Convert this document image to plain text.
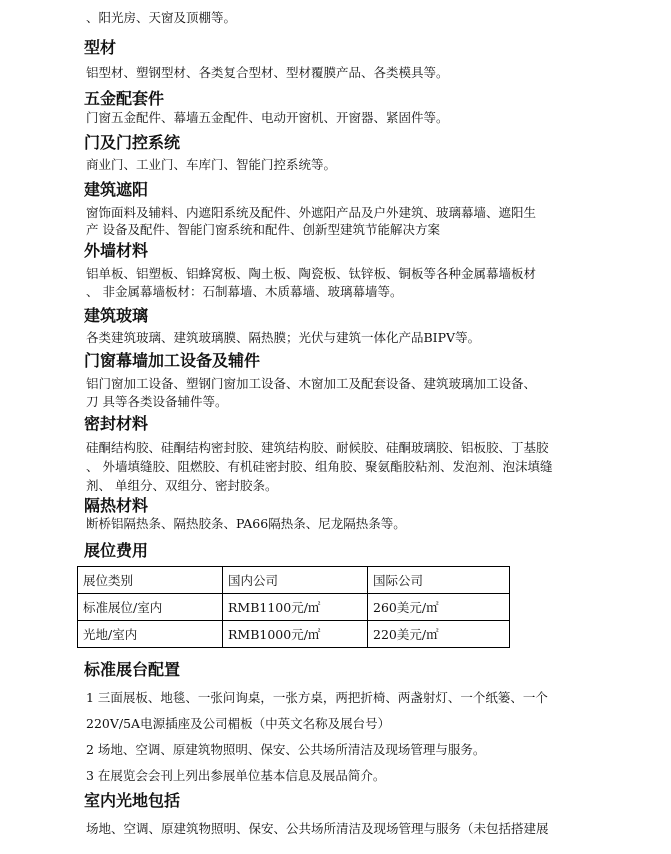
、阳光房、天窗及顶棚等。
型材
铝型材、塑钢型材、各类复合型材、型材覆膜产品、各类模具等。
五金配套件
门窗五金配件、幕墙五金配件、电动开窗机、开窗器、紧固件等。
门及门控系统
商业门、工业门、车库门、智能门控系统等。
建筑遮阳
窗饰面料及辅料、内遮阳系统及配件、外遮阳产品及户外建筑、玻璃幕墙、遮阳生
产 设备及配件、智能门窗系统和配件、创新型建筑节能解决方案
外墙材料
铝单板、铝塑板、铝蜂窝板、陶土板、陶瓷板、钛锌板、铜板等各种金属幕墙板材
、 非金属幕墙板材：石制幕墙、木质幕墙、玻璃幕墙等。
建筑玻璃
各类建筑玻璃、建筑玻璃膜、隔热膜；光伏与建筑一体化产品BIPV等。
门窗幕墙加工设备及辅件
铝门窗加工设备、塑钢门窗加工设备、木窗加工及配套设备、建筑玻璃加工设备、
刀 具等各类设备辅件等。
密封材料
硅酮结构胶、硅酮结构密封胶、建筑结构胶、耐候胶、硅酮玻璃胶、铝板胶、丁基胶
、 外墙填缝胶、阻燃胶、有机硅密封胶、组角胶、聚氨酯胶粘剂、发泡剂、泡沫填缝
剂、 单组分、双组分、密封胶条。
隔热材料
断桥铝隔热条、隔热胶条、PA66隔热条、尼龙隔热条等。
展位费用
展位类别	国内公司	国际公司
标准展位/室内	RMB1100元/㎡	260美元/㎡
光地/室内	RMB1000元/㎡	220美元/㎡
标准展台配置
1 三面展板、地毯、一张问询桌，一张方桌，两把折椅、两盏射灯、一个纸篓、一个
220V/5A电源插座及公司楣板（中英文名称及展台号）
2 场地、空调、原建筑物照明、保安、公共场所清洁及现场管理与服务。
3 在展览会会刊上列出参展单位基本信息及展品简介。
室内光地包括
场地、空调、原建筑物照明、保安、公共场所清洁及现场管理与服务（未包括搭建展
